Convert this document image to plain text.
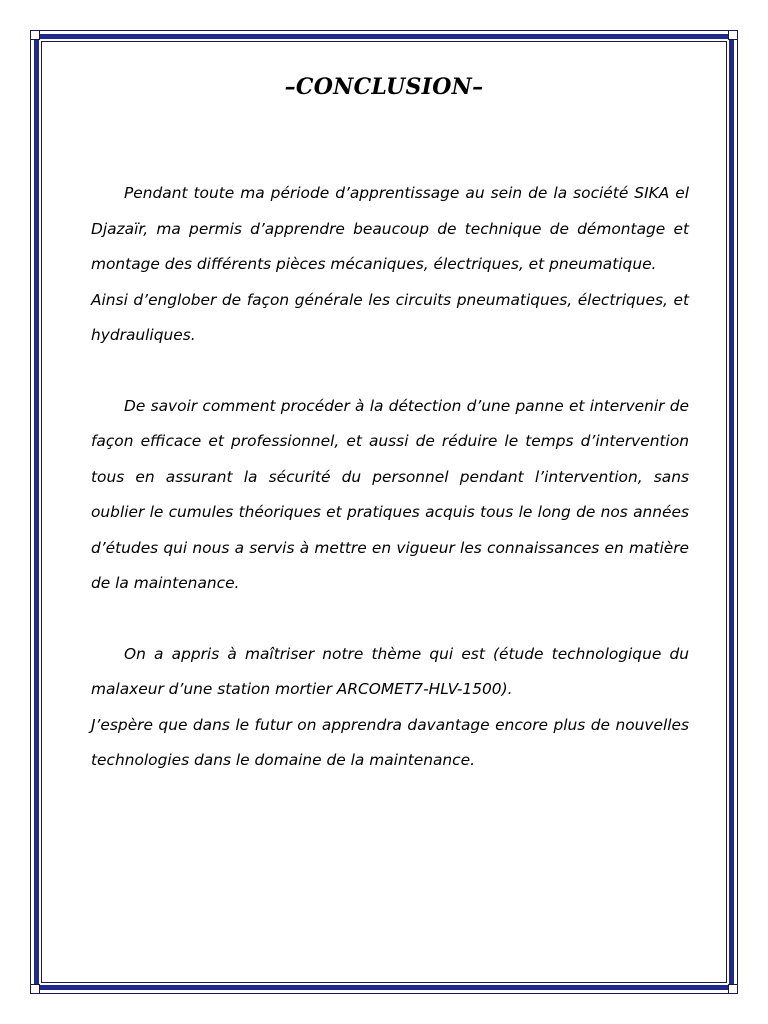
–CONCLUSION–

Pendant toute ma période d’apprentissage au sein de la société SIKA el Djazaïr, ma permis d’apprendre beaucoup de technique de démontage et montage des différents pièces mécaniques, électriques, et pneumatique.

Ainsi d’englober de façon générale les circuits pneumatiques, électriques, et hydrauliques.

De savoir comment procéder à la détection d’une panne et intervenir de façon efficace et professionnel, et aussi de réduire le temps d’intervention tous en assurant la sécurité du personnel pendant l’intervention, sans oublier le cumules théoriques et pratiques acquis tous le long de nos années d’études qui nous a servis à mettre en vigueur les connaissances en matière de la maintenance.

On a appris à maîtriser notre thème qui est (étude technologique du malaxeur d’une station mortier ARCOMET7-HLV-1500).

J’espère que dans le futur on apprendra davantage encore plus de nouvelles technologies dans le domaine de la maintenance.
